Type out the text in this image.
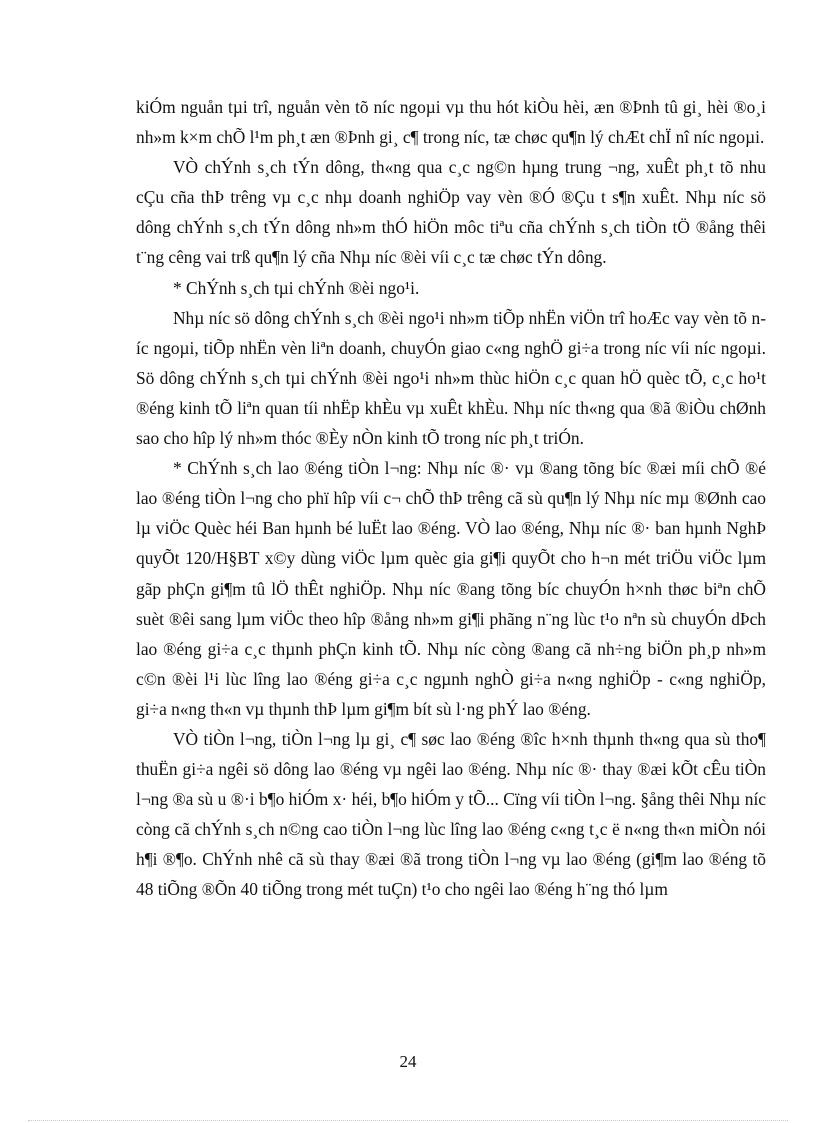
kiÓm nguån tµi trî, nguån vèn tõ níc ngoµi vµ thu hót kiÒu hèi, æn ®Þnh tû gi¸ hèi ®o¸i nh»m k×m chÕ l¹m ph¸t æn ®Þnh gi¸ c¶ trong níc, tæ chøc qu¶n lý chÆt chÏ nî níc ngoµi.

VÒ chÝnh s¸ch tÝn dông, th«ng qua c¸c ng©n hµng trung ¬ng, xuÊt ph¸t tõ nhu cÇu cña thÞ trêng vµ c¸c nhµ doanh nghiÖp vay vèn ®Ó ®Çu t s¶n xuÊt. Nhµ níc sö dông chÝnh s¸ch tÝn dông nh»m thÓ hiÖn môc tiªu cña chÝnh s¸ch tiÒn tÖ ®ång thêi t¨ng cêng vai trß qu¶n lý cña Nhµ níc ®èi víi c¸c tæ chøc tÝn dông.

* ChÝnh s¸ch tµi chÝnh ®èi ngo¹i.

Nhµ níc sö dông chÝnh s¸ch ®èi ngo¹i nh»m tiÕp nhËn viÖn trî hoÆc vay vèn tõ níc ngoµi, tiÕp nhËn vèn liªn doanh, chuyÓn giao c«ng nghÖ gi÷a trong níc víi níc ngoµi. Sö dông chÝnh s¸ch tµi chÝnh ®èi ngo¹i nh»m thùc hiÖn c¸c quan hÖ quèc tÕ, c¸c ho¹t ®éng kinh tÕ liªn quan tíi nhËp khÈu vµ xuÊt khÈu. Nhµ níc th«ng qua ®ã ®iÒu chØnh sao cho hîp lý nh»m thóc ®Èy nÒn kinh tÕ trong níc ph¸t triÓn.

* ChÝnh s¸ch lao ®éng tiÒn l¬ng: Nhµ níc ®· vµ ®ang tõng bíc ®æi míi chÕ ®é lao ®éng tiÒn l¬ng cho phï hîp víi c¬ chÕ thÞ trêng cã sù qu¶n lý Nhµ níc mµ ®Ønh cao lµ viÖc Quèc héi Ban hµnh bé luËt lao ®éng. VÒ lao ®éng, Nhµ níc ®· ban hµnh NghÞ quyÕt 120/H§BT x©y dùng viÖc lµm quèc gia gi¶i quyÕt cho h¬n mét triÖu viÖc lµm gãp phÇn gi¶m tû lÖ thÊt nghiÖp. Nhµ níc ®ang tõng bíc chuyÓn h×nh thøc biªn chÕ suèt ®êi sang lµm viÖc theo hîp ®ång nh»m gi¶i phãng n¨ng lùc t¹o nªn sù chuyÓn dÞch lao ®éng gi÷a c¸c thµnh phÇn kinh tÕ. Nhµ níc còng ®ang cã nh÷ng biÖn ph¸p nh»m c©n ®èi l¹i lùc lîng lao ®éng gi÷a c¸c ngµnh nghÒ gi÷a n«ng nghiÖp - c«ng nghiÖp, gi÷a n«ng th«n vµ thµnh thÞ lµm gi¶m bít sù l·ng phÝ lao ®éng.

VÒ tiÒn l¬ng, tiÒn l¬ng lµ gi¸ c¶ søc lao ®éng ®îc h×nh thµnh th«ng qua sù tho¶ thuËn gi÷a ngêi sö dông lao ®éng vµ ngêi lao ®éng. Nhµ níc ®· thay ®æi kÕt cÊu tiÒn l¬ng ®a sù u ®·i b¶o hiÓm x· héi, b¶o hiÓm y tÕ... Cïng víi tiÒn l¬ng. §ång thêi Nhµ níc còng cã chÝnh s¸ch n©ng cao tiÒn l¬ng lùc lîng lao ®éng c«ng t¸c ë n«ng th«n miÒn nói h¶i ®¶o. ChÝnh nhê cã sù thay ®æi ®ã trong tiÒn l¬ng vµ lao ®éng (gi¶m lao ®éng tõ 48 tiÕng ®Õn 40 tiÕng trong mét tuÇn) t¹o cho ngêi lao ®éng h¨ng thó lµm

24
